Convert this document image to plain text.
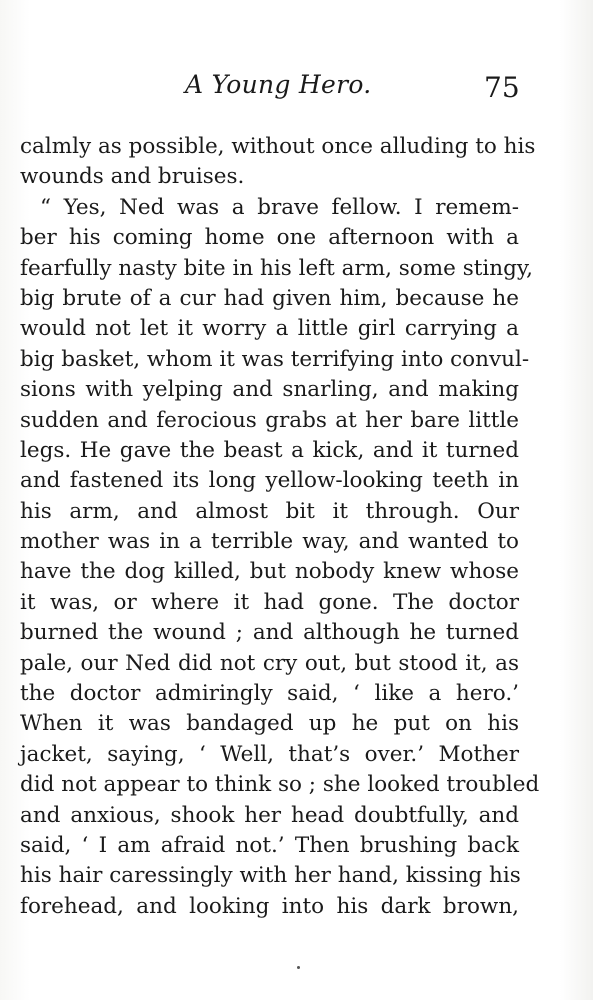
A Young Hero.	75
calmly as possible, without once alluding to his
wounds and bruises.
“ Yes, Ned was a brave fellow. I remem-
ber his coming home one afternoon with a
fearfully nasty bite in his left arm, some stingy,
big brute of a cur had given him, because he
would not let it worry a little girl carrying a
big basket, whom it was terrifying into convul-
sions with yelping and snarling, and making
sudden and ferocious grabs at her bare little
legs. He gave the beast a kick, and it turned
and fastened its long yellow-looking teeth in
his arm, and almost bit it through. Our
mother was in a terrible way, and wanted to
have the dog killed, but nobody knew whose
it was, or where it had gone. The doctor
burned the wound ; and although he turned
pale, our Ned did not cry out, but stood it, as
the doctor admiringly said, ‘ like a hero.’
When it was bandaged up he put on his
jacket, saying, ‘ Well, that’s over.’ Mother
did not appear to think so ; she looked troubled
and anxious, shook her head doubtfully, and
said, ‘ I am afraid not.’ Then brushing back
his hair caressingly with her hand, kissing his
forehead, and looking into his dark brown,
